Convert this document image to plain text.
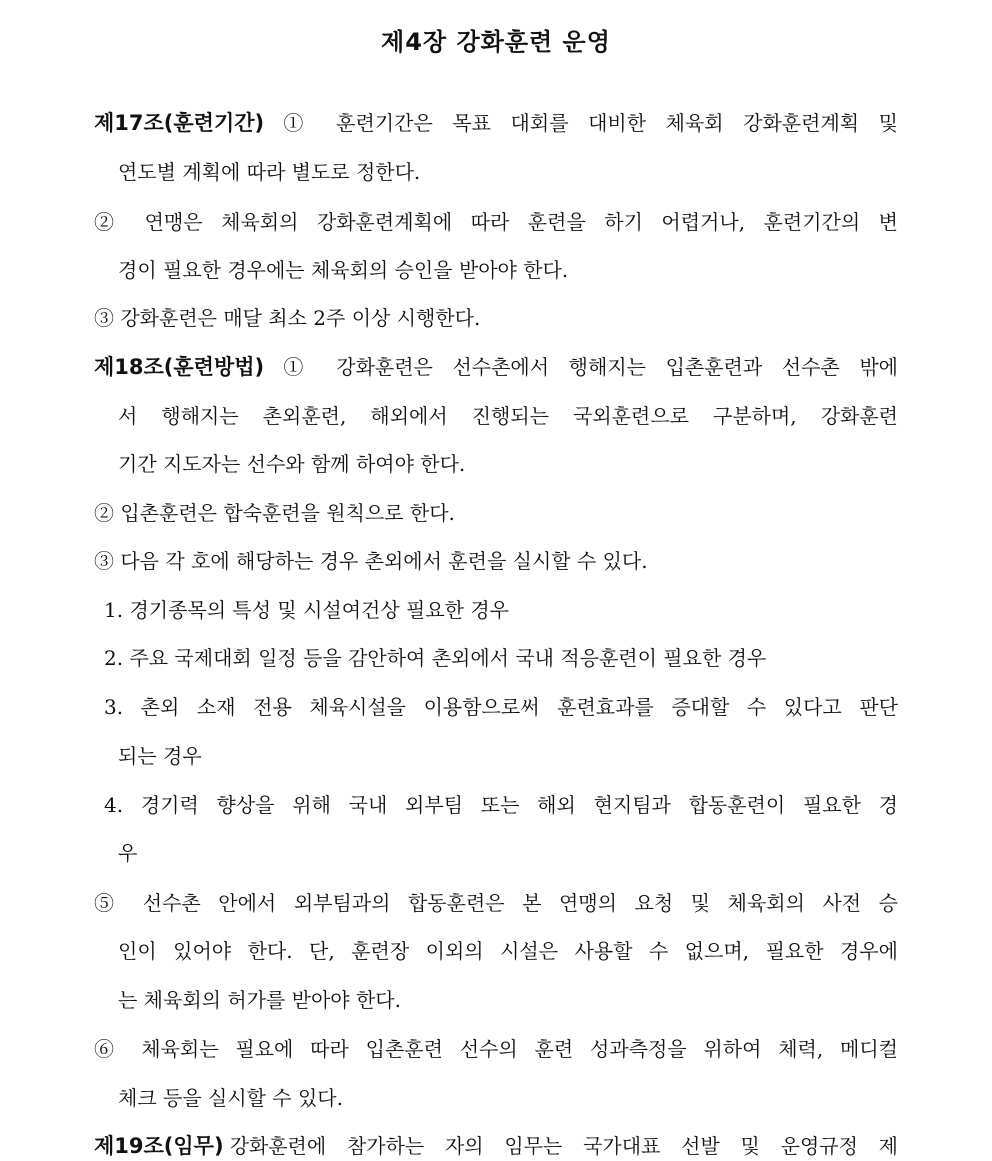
제4장 강화훈련 운영
제17조(훈련기간) ① 훈련기간은 목표 대회를 대비한 체육회 강화훈련계획 및
연도별 계획에 따라 별도로 정한다.
② 연맹은 체육회의 강화훈련계획에 따라 훈련을 하기 어렵거나, 훈련기간의 변
경이 필요한 경우에는 체육회의 승인을 받아야 한다.
③ 강화훈련은 매달 최소 2주 이상 시행한다.
제18조(훈련방법) ① 강화훈련은 선수촌에서 행해지는 입촌훈련과 선수촌 밖에
서 행해지는 촌외훈련, 해외에서 진행되는 국외훈련으로 구분하며, 강화훈련
기간 지도자는 선수와 함께 하여야 한다.
② 입촌훈련은 합숙훈련을 원칙으로 한다.
③ 다음 각 호에 해당하는 경우 촌외에서 훈련을 실시할 수 있다.
1. 경기종목의 특성 및 시설여건상 필요한 경우
2. 주요 국제대회 일정 등을 감안하여 촌외에서 국내 적응훈련이 필요한 경우
3. 촌외 소재 전용 체육시설을 이용함으로써 훈련효과를 증대할 수 있다고 판단
되는 경우
4. 경기력 향상을 위해 국내 외부팀 또는 해외 현지팀과 합동훈련이 필요한 경
우
⑤ 선수촌 안에서 외부팀과의 합동훈련은 본 연맹의 요청 및 체육회의 사전 승
인이 있어야 한다. 단, 훈련장 이외의 시설은 사용할 수 없으며, 필요한 경우에
는 체육회의 허가를 받아야 한다.
⑥ 체육회는 필요에 따라 입촌훈련 선수의 훈련 성과측정을 위하여 체력, 메디컬
체크 등을 실시할 수 있다.
제19조(임무) 강화훈련에 참가하는 자의 임무는 국가대표 선발 및 운영규정 제
